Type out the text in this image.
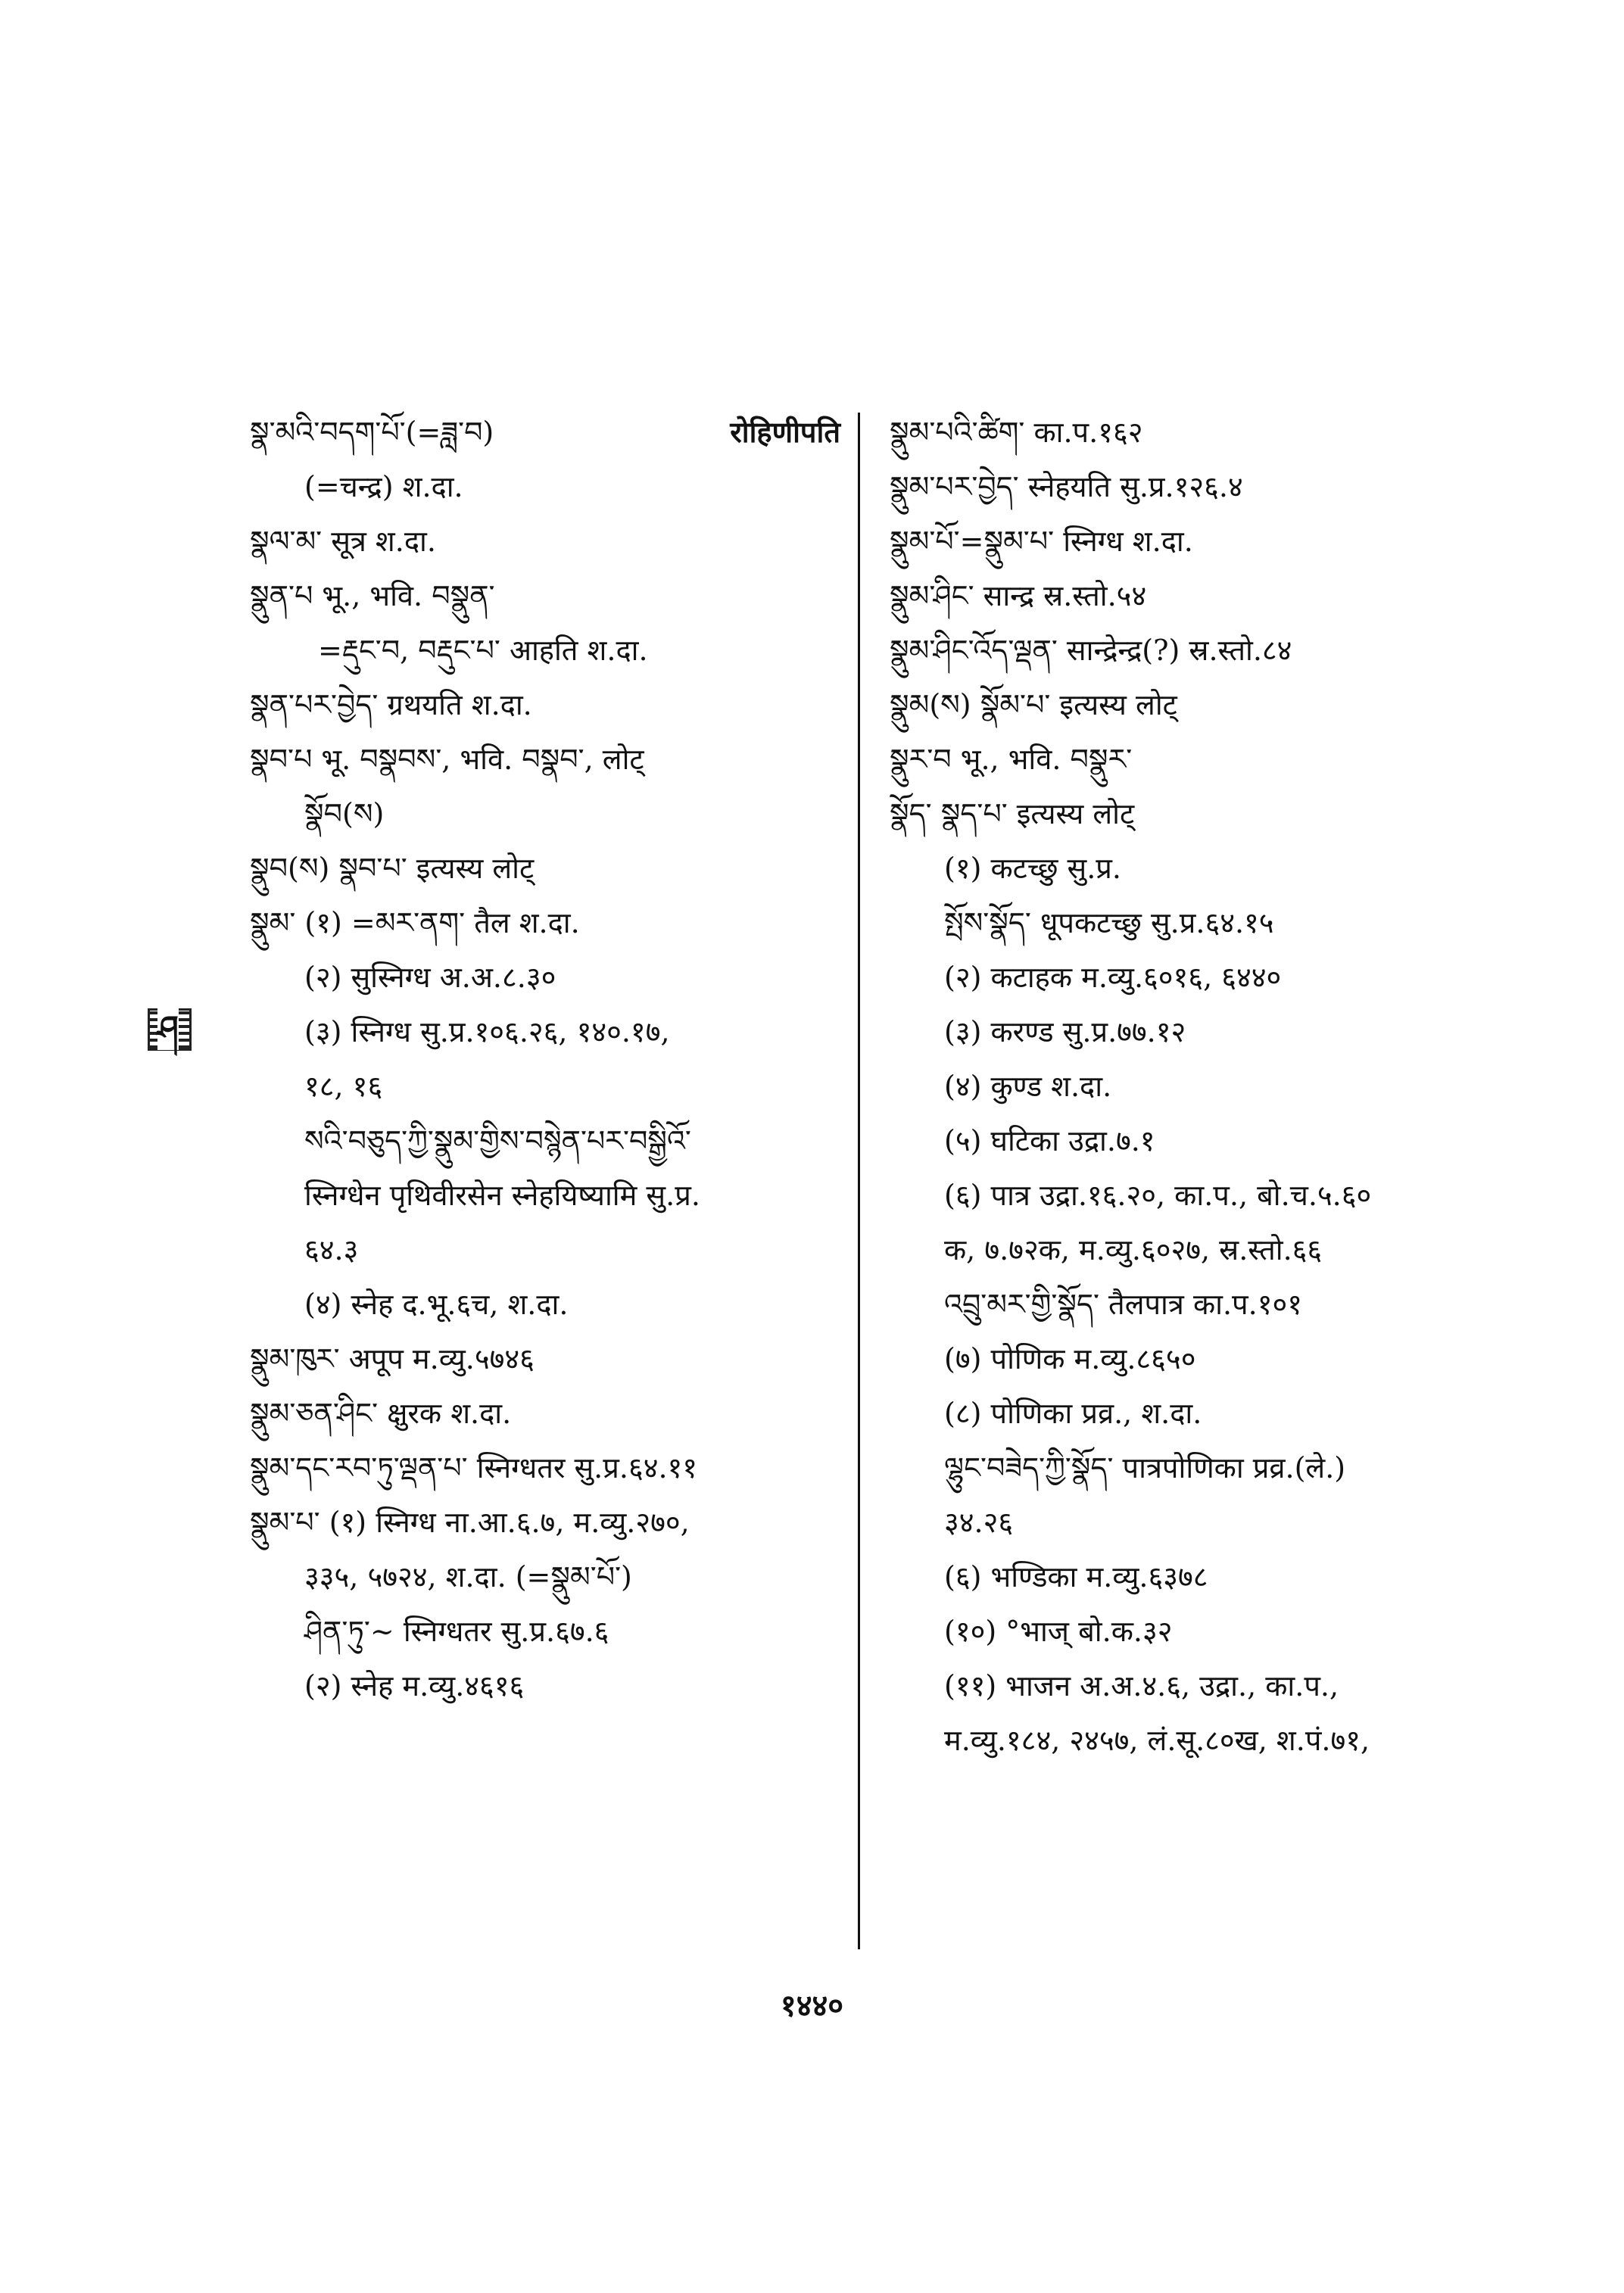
སྣ་མའི་བདག་པོ་(=ཟླ་བ)	रोहिणीपति
(=चन्द्र) श.दा.
སྣལ་མ་ सूत्र श.दा.
སྣུན་པ भू., भवि. བསྣུན་
=རྡུང་བ, བརྡུང་པ་ आहति श.दा.
སྣན་པར་བྱེད་ ग्रथयति श.दा.
སྣབ་པ भू. བསྣབས་, भवि. བསྣབ་, लोट्
སྣོབ(ས)
སྣུབ(ས) སྣབ་པ་ इत्यस्य लोट्
སྣུམ་ (१) =མར་ནག་ तैल श.दा.
(२) सुस्निग्ध अ.अ.८.३०
(३) स्निग्ध सु.प्र.१०६.२६, १४०.१७,
१८, १६
སའི་བཅུད་ཀྱི་སྣུམ་གྱིས་བསྙེན་པར་བསྒྱིའོ་
स्निग्धेन पृथिवीरसेन स्नेहयिष्यामि सु.प्र.
६४.३
(४) स्नेह द.भू.६च, श.दा.
སྣུམ་ཁུར་ अपूप म.व्यु.५७४६
སྣུམ་ཅན་ཤིང་ क्षुरक श.दा.
སྣུམ་དང་རབ་ཏུ་ལྡན་པ་ स्निग्धतर सु.प्र.६४.११
སྣུམ་པ་ (१) स्निग्ध ना.आ.६.७, म.व्यु.२७०,
३३५, ५७२४, श.दा. (=སྣུམ་པོ་)
ཤིན་ཏུ་~ स्निग्धतर सु.प्र.६७.६
(२) स्नेह म.व्यु.४६१६
སྣུམ་པའི་ཚིག་ का.प.१६२
སྣུམ་པར་བྱེད་ स्नेहयति सु.प्र.१२६.४
སྣུམ་པོ་=སྣུམ་པ་ स्निग्ध श.दा.
སྣུམ་ཤིང་ सान्द्र स्र.स्तो.५४
སྣུམ་ཤིང་འོད་ལྡན་ सान्द्रेन्द्र(?) स्र.स्तो.८४
སྣུམ(ས) སྣོམ་པ་ इत्यस्य लोट्
སྣུར་བ भू., भवि. བསྣུར་
སྣོད་ སྣད་པ་ इत्यस्य लोट्
(१) कटच्छु सु.प्र.
སྤོས་སྣོད་ धूपकटच्छु सु.प्र.६४.१५
(२) कटाहक म.व्यु.६०१६, ६४४०
(३) करण्ड सु.प्र.७७.१२
(४) कुण्ड श.दा.
(५) घटिका उद्रा.७.१
(६) पात्र उद्रा.१६.२०, का.प., बो.च.५.६०
क, ७.७२क, म.व्यु.६०२७, स्र.स्तो.६६
འབྲུ་མར་གྱི་སྣོད་ तैलपात्र का.प.१०१
(७) पोणिक म.व्यु.८६५०
(८) पोणिका प्रव्र., श.दा.
ལྷུང་བཟེད་ཀྱི་སྣོད་ पात्रपोणिका प्रव्र.(ले.)
३४.२६
(६) भण्डिका म.व्यु.६३७८
(१०) °भाज् बो.क.३२
(११) भाजन अ.अ.४.६, उद्रा., का.प.,
म.व्यु.१८४, २४५७, लं.सू.८०ख, श.पं.७१,
ཤ
१४४०
